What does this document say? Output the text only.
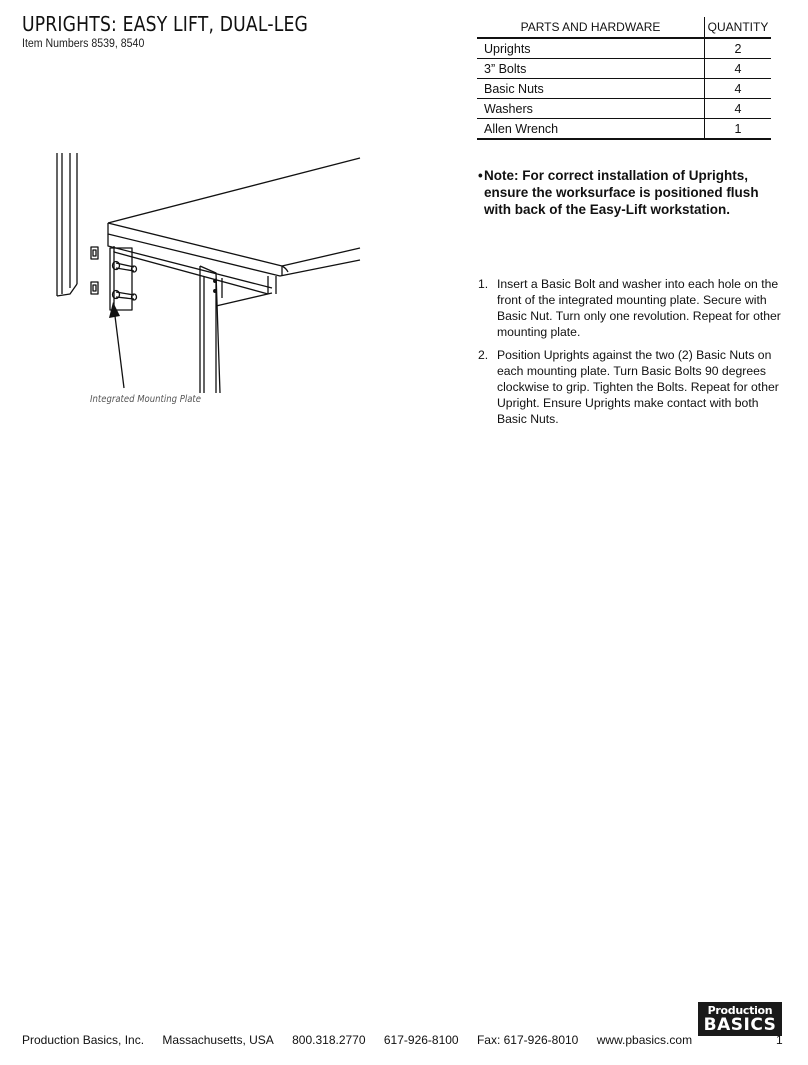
UPRIGHTS: EASY LIFT, DUAL-LEG
Item Numbers 8539, 8540
PARTS AND HARDWARE	QUANTITY
Uprights	2
3” Bolts	4
Basic Nuts	4
Washers	4
Allen Wrench	1
• Note: For correct installation of Uprights, ensure the worksurface is positioned flush with back of the Easy-Lift workstation.
1. Insert a Basic Bolt and washer into each hole on the front of the integrated mounting plate. Secure with Basic Nut. Turn only one revolution. Repeat for other mounting plate.
2. Position Uprights against the two (2) Basic Nuts on each mounting plate. Turn Basic Bolts 90 degrees clockwise to grip. Tighten the Bolts. Repeat for other Upright. Ensure Uprights make contact with both Basic Nuts.
Integrated Mounting Plate
Production
BASICS
Production Basics, Inc. Massachusetts, USA 800.318.2770 617-926-8100 Fax: 617-926-8010 www.pbasics.com	1
